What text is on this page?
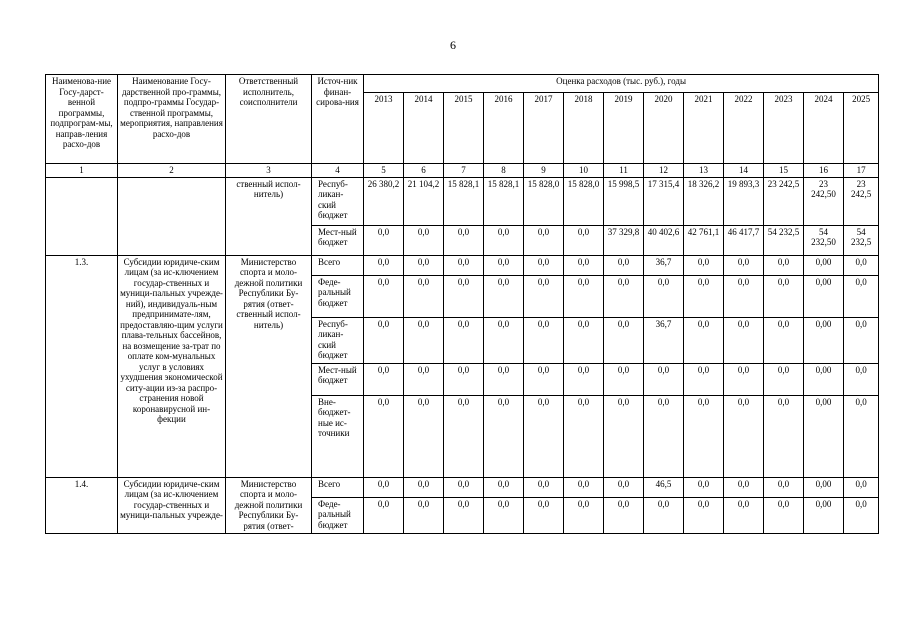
6
Наименова-ние Госу-дарст-венной программы, подпрограм-мы, направ-ления расхо-дов	Наименование Госу-дарственной про-граммы, подпро-граммы Государ-ственной программы, мероприятия, направления расхо-дов	Ответственный исполнитель, соисполнители	Источ-ник финан-сирова-ния	Оценка расходов (тыс. руб.), годы												
				2013	2014	2015	2016	2017	2018	2019	2020	2021	2022	2023	2024	2025
1	2	3	4	5	6	7	8	9	10	11	12	13	14	15	16	17
		ственный испол-нитель)	Респуб-ликан-ский бюджет	26 380,2	21 104,2	15 828,1	15 828,1	15 828,0	15 828,0	15 998,5	17 315,4	18 326,2	19 893,3	23 242,5	23 242,50	23 242,5
			Мест-ный бюджет	0,0	0,0	0,0	0,0	0,0	0,0	37 329,8	40 402,6	42 761,1	46 417,7	54 232,5	54 232,50	54 232,5
1.3.	Субсидии юридиче-ским лицам (за ис-ключением государ-ственных и муници-пальных учрежде-ний), индивидуаль-ным предпринимате-лям, предоставляю-щим услуги плава-тельных бассейнов, на возмещение за-трат по оплате ком-мунальных услуг в условиях ухудшения экономической ситу-ации из-за распро-странения новой коронавирусной ин-фекции	Министерство спорта и моло-дежной политики Республики Бу-рятия (ответ-ственный испол-нитель)	Всего	0,0	0,0	0,0	0,0	0,0	0,0	0,0	36,7	0,0	0,0	0,0	0,00	0,0
			Феде-ральный бюджет	0,0	0,0	0,0	0,0	0,0	0,0	0,0	0,0	0,0	0,0	0,0	0,00	0,0
			Респуб-ликан-ский бюджет	0,0	0,0	0,0	0,0	0,0	0,0	0,0	36,7	0,0	0,0	0,0	0,00	0,0
			Мест-ный бюджет	0,0	0,0	0,0	0,0	0,0	0,0	0,0	0,0	0,0	0,0	0,0	0,00	0,0
			Вне-бюджет-ные ис-точники	0,0	0,0	0,0	0,0	0,0	0,0	0,0	0,0	0,0	0,0	0,0	0,00	0,0
1.4.	Субсидии юридиче-ским лицам (за ис-ключением государ-ственных и муници-пальных учрежде-	Министерство спорта и моло-дежной политики Республики Бу-рятия (ответ-	Всего	0,0	0,0	0,0	0,0	0,0	0,0	0,0	46,5	0,0	0,0	0,0	0,00	0,0
			Феде-ральный бюджет	0,0	0,0	0,0	0,0	0,0	0,0	0,0	0,0	0,0	0,0	0,0	0,00	0,0
